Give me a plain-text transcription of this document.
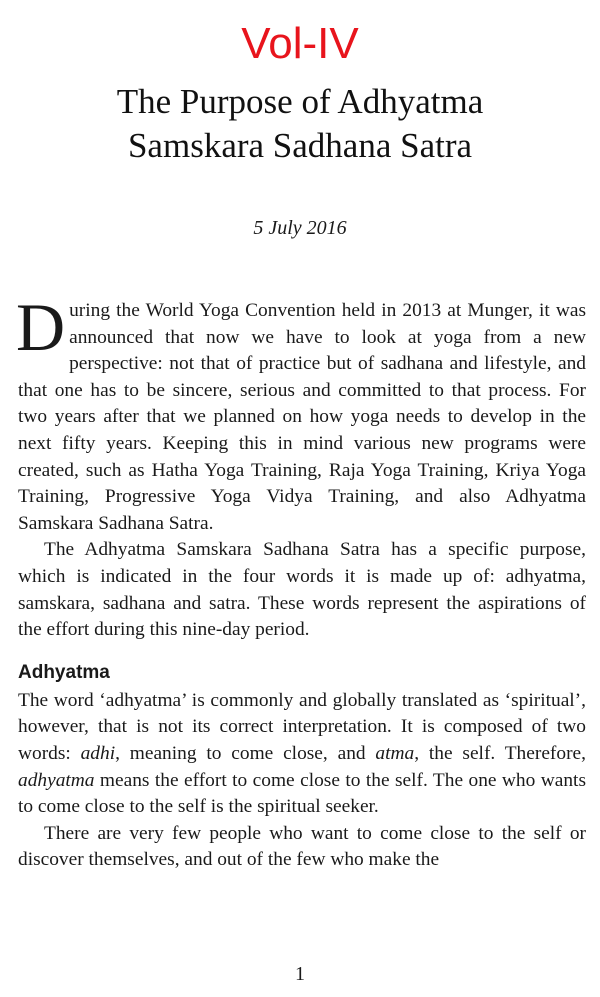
Vol-IV
The Purpose of Adhyatma
Samskara Sadhana Satra
5 July 2016

During the World Yoga Convention held in 2013 at Munger, it was announced that now we have to look at yoga from a new perspective: not that of practice but of sadhana and lifestyle, and that one has to be sincere, serious and committed to that process. For two years after that we planned on how yoga needs to develop in the next fifty years. Keeping this in mind various new programs were created, such as Hatha Yoga Training, Raja Yoga Training, Kriya Yoga Training, Progressive Yoga Vidya Training, and also Adhyatma Samskara Sadhana Satra.

The Adhyatma Samskara Sadhana Satra has a specific purpose, which is indicated in the four words it is made up of: adhyatma, samskara, sadhana and satra. These words represent the aspirations of the effort during this nine-day period.

Adhyatma

The word ‘adhyatma’ is commonly and globally translated as ‘spiritual’, however, that is not its correct interpretation. It is composed of two words: adhi, meaning to come close, and atma, the self. Therefore, adhyatma means the effort to come close to the self. The one who wants to come close to the self is the spiritual seeker.

There are very few people who want to come close to the self or discover themselves, and out of the few who make the

1
